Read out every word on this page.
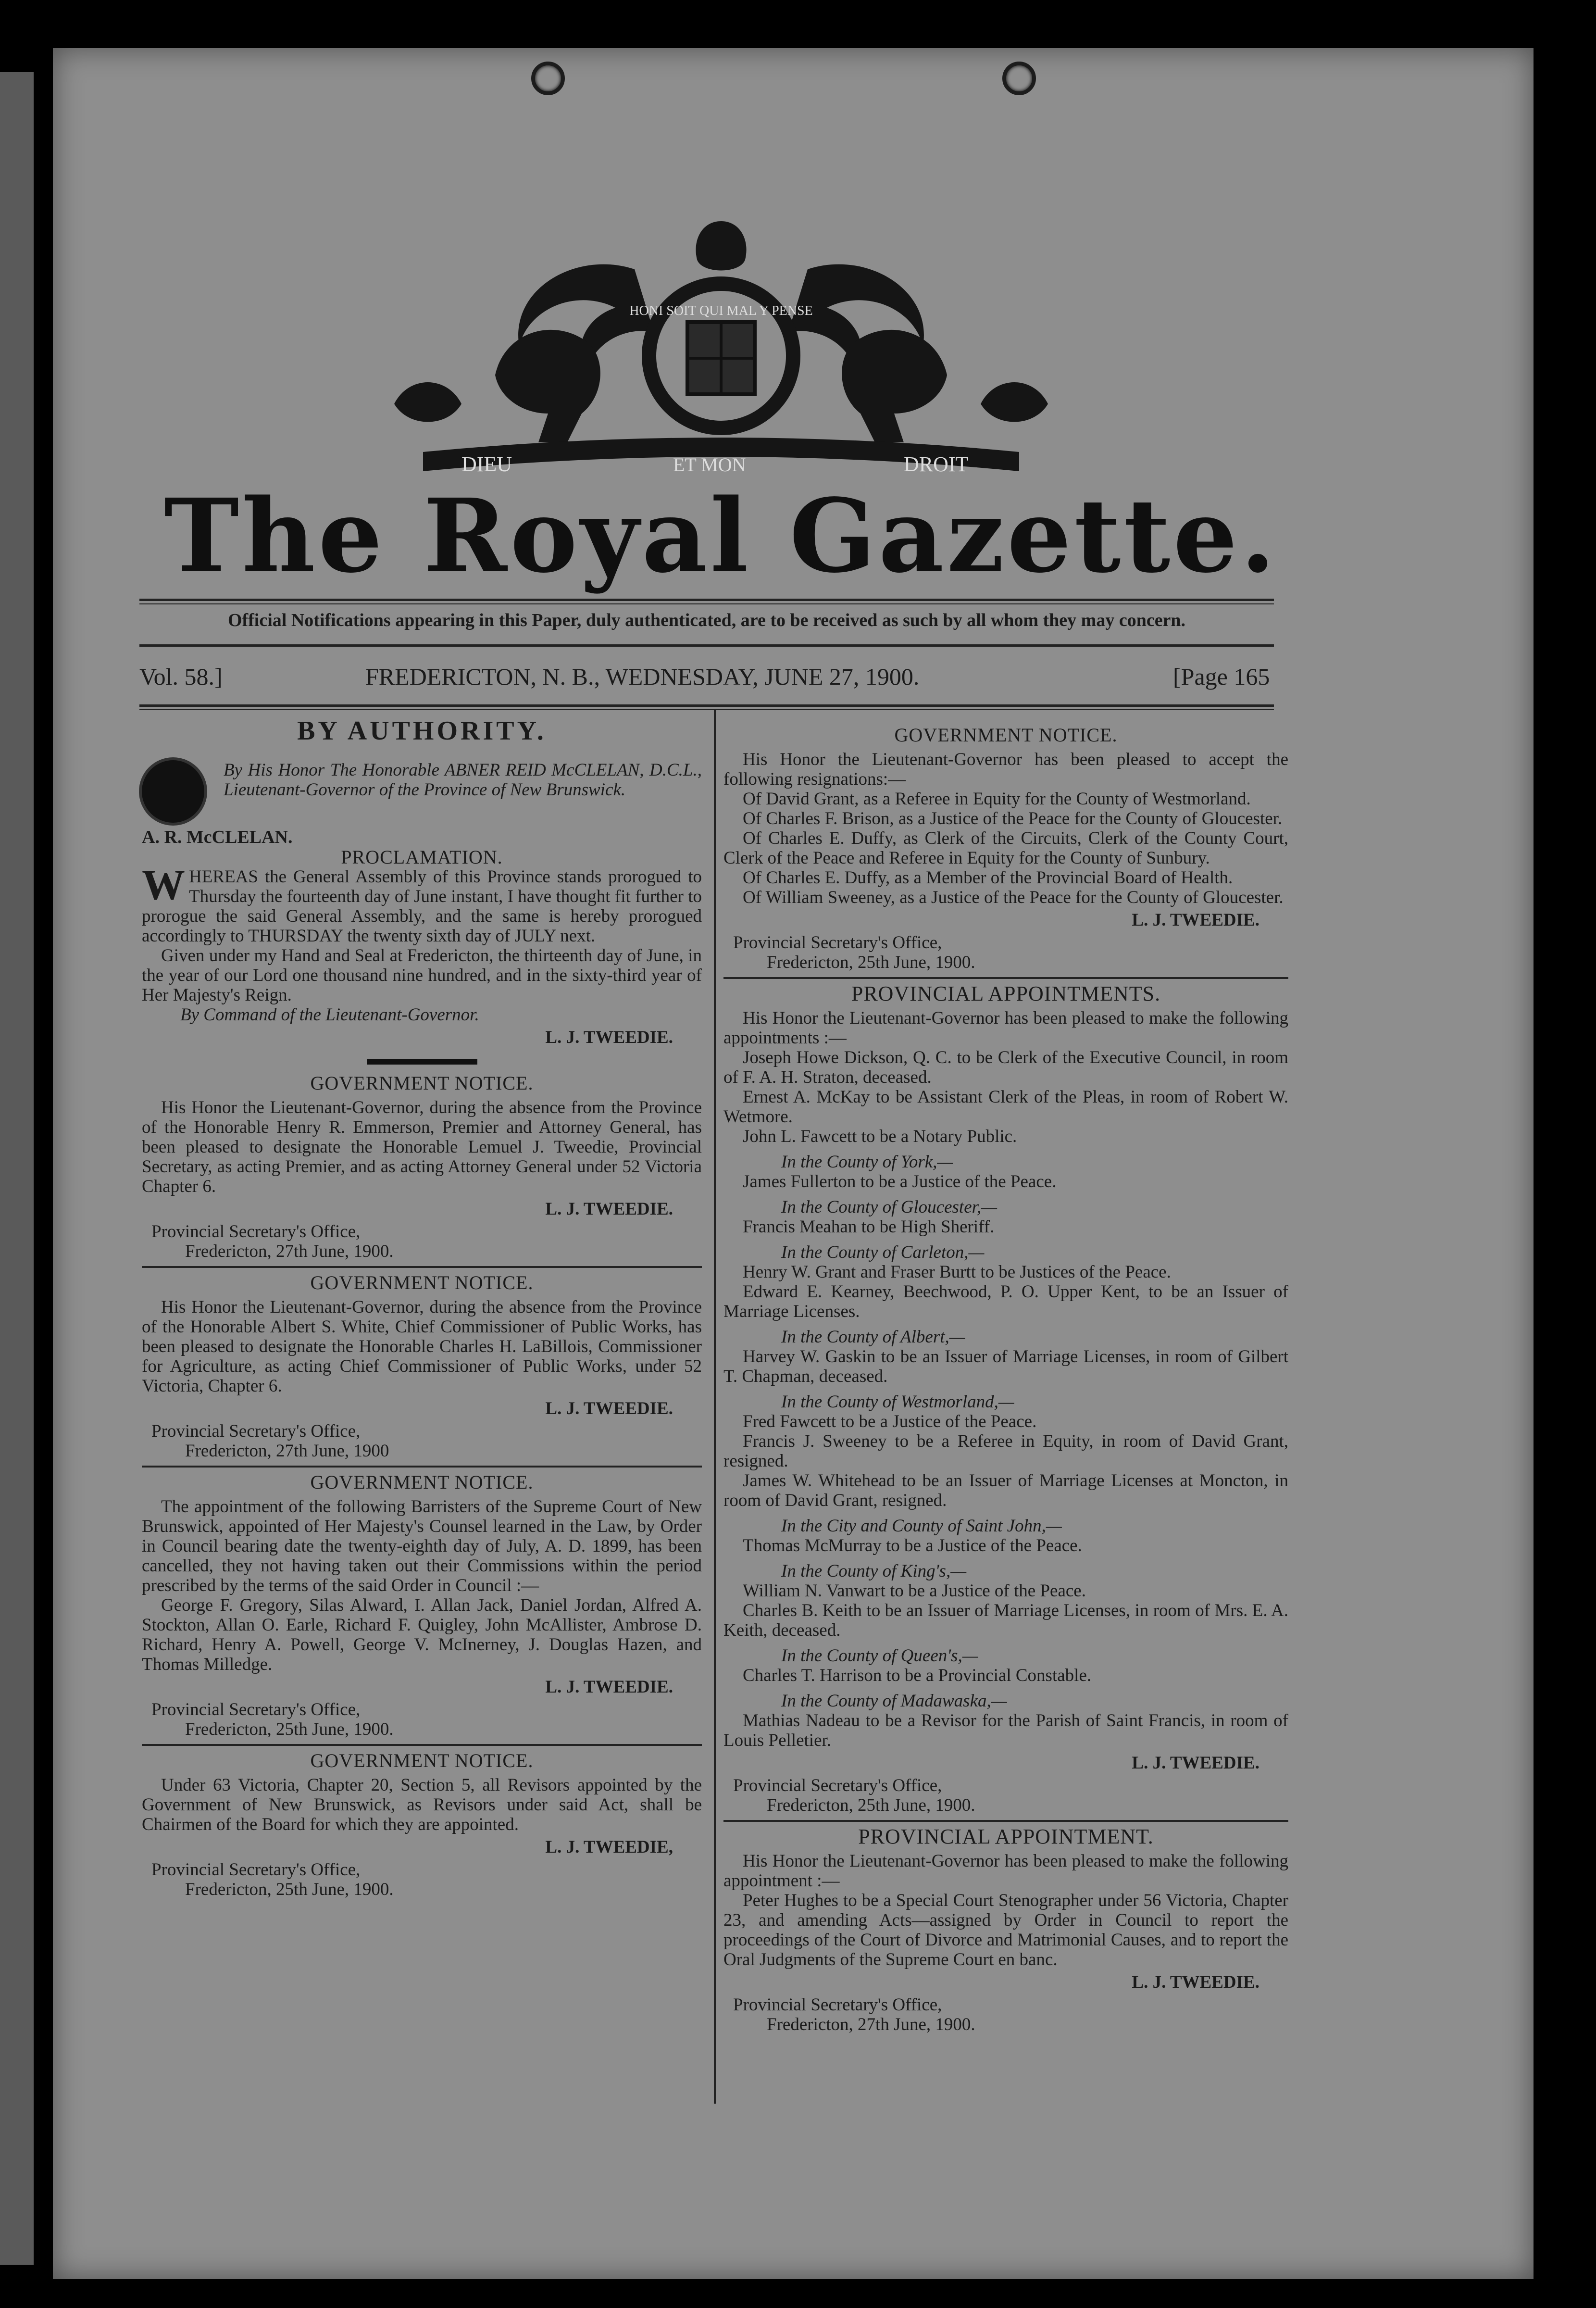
HONI SOIT QUI MAL Y PENSE
DIEU	ET MON	DROIT
The Royal Gazette.
Official Notifications appearing in this Paper, duly authenticated, are to be received as such by all whom they may concern.
Vol. 58.]	FREDERICTON, N. B., WEDNESDAY, JUNE 27, 1900.	[Page 165
BY AUTHORITY.

By His Honor The Honorable ABNER REID McCLELAN, D.C.L., Lieutenant-Governor of the Province of New Brunswick.

A. R. McCLELAN.
PROCLAMATION.

WHEREAS the General Assembly of this Province stands prorogued to Thursday the fourteenth day of June instant, I have thought fit further to prorogue the said General Assembly, and the same is hereby prorogued accordingly to THURSDAY the twenty sixth day of JULY next.

Given under my Hand and Seal at Fredericton, the thirteenth day of June, in the year of our Lord one thousand nine hundred, and in the sixty-third year of Her Majesty's Reign.

By Command of the Lieutenant-Governor.

L. J. TWEEDIE.
GOVERNMENT NOTICE.

His Honor the Lieutenant-Governor, during the absence from the Province of the Honorable Henry R. Emmerson, Premier and Attorney General, has been pleased to designate the Honorable Lemuel J. Tweedie, Provincial Secretary, as acting Premier, and as acting Attorney General under 52 Victoria Chapter 6.

L. J. TWEEDIE.
Provincial Secretary's Office,
Fredericton, 27th June, 1900.
GOVERNMENT NOTICE.

His Honor the Lieutenant-Governor, during the absence from the Province of the Honorable Albert S. White, Chief Commissioner of Public Works, has been pleased to designate the Honorable Charles H. LaBillois, Commissioner for Agriculture, as acting Chief Commissioner of Public Works, under 52 Victoria, Chapter 6.

L. J. TWEEDIE.
Provincial Secretary's Office,
Fredericton, 27th June, 1900
GOVERNMENT NOTICE.

The appointment of the following Barristers of the Supreme Court of New Brunswick, appointed of Her Majesty's Counsel learned in the Law, by Order in Council bearing date the twenty-eighth day of July, A. D. 1899, has been cancelled, they not having taken out their Commissions within the period prescribed by the terms of the said Order in Council :—

George F. Gregory, Silas Alward, I. Allan Jack, Daniel Jordan, Alfred A. Stockton, Allan O. Earle, Richard F. Quigley, John McAllister, Ambrose D. Richard, Henry A. Powell, George V. McInerney, J. Douglas Hazen, and Thomas Milledge.

L. J. TWEEDIE.
Provincial Secretary's Office,
Fredericton, 25th June, 1900.
GOVERNMENT NOTICE.

Under 63 Victoria, Chapter 20, Section 5, all Revisors appointed by the Government of New Brunswick, as Revisors under said Act, shall be Chairmen of the Board for which they are appointed.

L. J. TWEEDIE,
Provincial Secretary's Office,
Fredericton, 25th June, 1900.
GOVERNMENT NOTICE.

His Honor the Lieutenant-Governor has been pleased to accept the following resignations:—

Of David Grant, as a Referee in Equity for the County of Westmorland.

Of Charles F. Brison, as a Justice of the Peace for the County of Gloucester.

Of Charles E. Duffy, as Clerk of the Circuits, Clerk of the County Court, Clerk of the Peace and Referee in Equity for the County of Sunbury.

Of Charles E. Duffy, as a Member of the Provincial Board of Health.

Of William Sweeney, as a Justice of the Peace for the County of Gloucester.

L. J. TWEEDIE.
Provincial Secretary's Office,
Fredericton, 25th June, 1900.
PROVINCIAL APPOINTMENTS.

His Honor the Lieutenant-Governor has been pleased to make the following appointments :—

Joseph Howe Dickson, Q. C. to be Clerk of the Executive Council, in room of F. A. H. Straton, deceased.

Ernest A. McKay to be Assistant Clerk of the Pleas, in room of Robert W. Wetmore.

John L. Fawcett to be a Notary Public.

In the County of York,—

James Fullerton to be a Justice of the Peace.

In the County of Gloucester,—

Francis Meahan to be High Sheriff.

In the County of Carleton,—

Henry W. Grant and Fraser Burtt to be Justices of the Peace.

Edward E. Kearney, Beechwood, P. O. Upper Kent, to be an Issuer of Marriage Licenses.

In the County of Albert,—

Harvey W. Gaskin to be an Issuer of Marriage Licenses, in room of Gilbert T. Chapman, deceased.

In the County of Westmorland,—

Fred Fawcett to be a Justice of the Peace.

Francis J. Sweeney to be a Referee in Equity, in room of David Grant, resigned.

James W. Whitehead to be an Issuer of Marriage Licenses at Moncton, in room of David Grant, resigned.

In the City and County of Saint John,—

Thomas McMurray to be a Justice of the Peace.

In the County of King's,—

William N. Vanwart to be a Justice of the Peace.

Charles B. Keith to be an Issuer of Marriage Licenses, in room of Mrs. E. A. Keith, deceased.

In the County of Queen's,—

Charles T. Harrison to be a Provincial Constable.

In the County of Madawaska,—

Mathias Nadeau to be a Revisor for the Parish of Saint Francis, in room of Louis Pelletier.

L. J. TWEEDIE.
Provincial Secretary's Office,
Fredericton, 25th June, 1900.
PROVINCIAL APPOINTMENT.

His Honor the Lieutenant-Governor has been pleased to make the following appointment :—

Peter Hughes to be a Special Court Stenographer under 56 Victoria, Chapter 23, and amending Acts—assigned by Order in Council to report the proceedings of the Court of Divorce and Matrimonial Causes, and to report the Oral Judgments of the Supreme Court en banc.

L. J. TWEEDIE.
Provincial Secretary's Office,
Fredericton, 27th June, 1900.
